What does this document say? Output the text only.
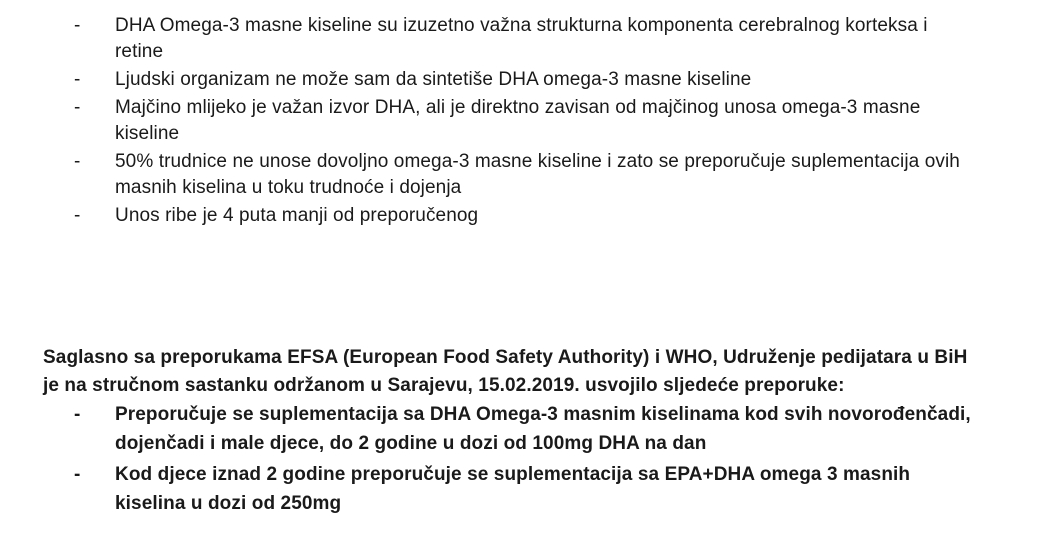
-	DHA Omega-3 masne kiseline su izuzetno važna strukturna komponenta cerebralnog korteksa i retine
-	Ljudski organizam ne može sam da sintetiše DHA omega-3 masne kiseline
-	Majčino mlijeko je važan izvor DHA, ali je direktno zavisan od majčinog unosa omega-3 masne kiseline
-	50% trudnice ne unose dovoljno omega-3 masne kiseline i zato se preporučuje suplementacija ovih masnih kiselina u toku trudnoće i dojenja
-	Unos ribe je 4 puta manji od preporučenog

Saglasno sa preporukama EFSA (European Food Safety Authority) i WHO, Udruženje pedijatara u BiH je na stručnom sastanku održanom u Sarajevu, 15.02.2019. usvojilo sljedeće preporuke:

-	Preporučuje se suplementacija sa DHA Omega-3 masnim kiselinama kod svih novorođenčadi, dojenčadi i male djece, do 2 godine u dozi od 100mg DHA na dan
-	Kod djece iznad 2 godine preporučuje se suplementacija sa EPA+DHA omega 3 masnih kiselina u dozi od 250mg
